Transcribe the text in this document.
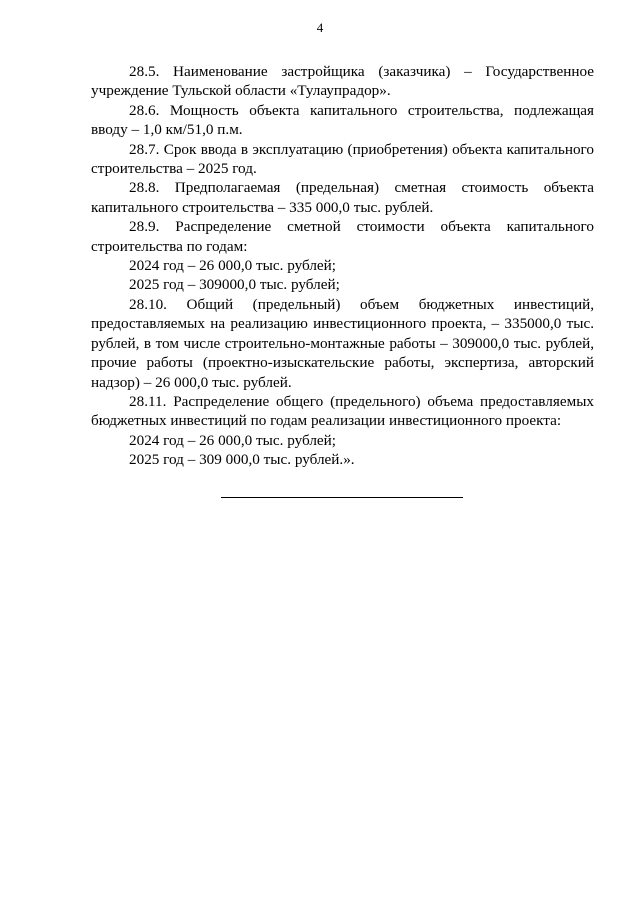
4

28.5. Наименование застройщика (заказчика) – Государственное учреждение Тульской области «Тулаупрадор».

28.6. Мощность объекта капитального строительства, подлежащая вводу – 1,0 км/51,0 п.м.

28.7. Срок ввода в эксплуатацию (приобретения) объекта капитального строительства – 2025 год.

28.8. Предполагаемая (предельная) сметная стоимость объекта капитального строительства – 335 000,0 тыс. рублей.

28.9. Распределение сметной стоимости объекта капитального строительства по годам:

2024 год – 26 000,0 тыс. рублей;

2025 год – 309000,0 тыс. рублей;

28.10. Общий (предельный) объем бюджетных инвестиций, предоставляемых на реализацию инвестиционного проекта, – 335000,0 тыс. рублей, в том числе строительно-монтажные работы – 309000,0 тыс. рублей, прочие работы (проектно-изыскательские работы, экспертиза, авторский надзор) – 26 000,0 тыс. рублей.

28.11. Распределение общего (предельного) объема предоставляемых бюджетных инвестиций по годам реализации инвестиционного проекта:

2024 год – 26 000,0 тыс. рублей;

2025 год – 309 000,0 тыс. рублей.».
